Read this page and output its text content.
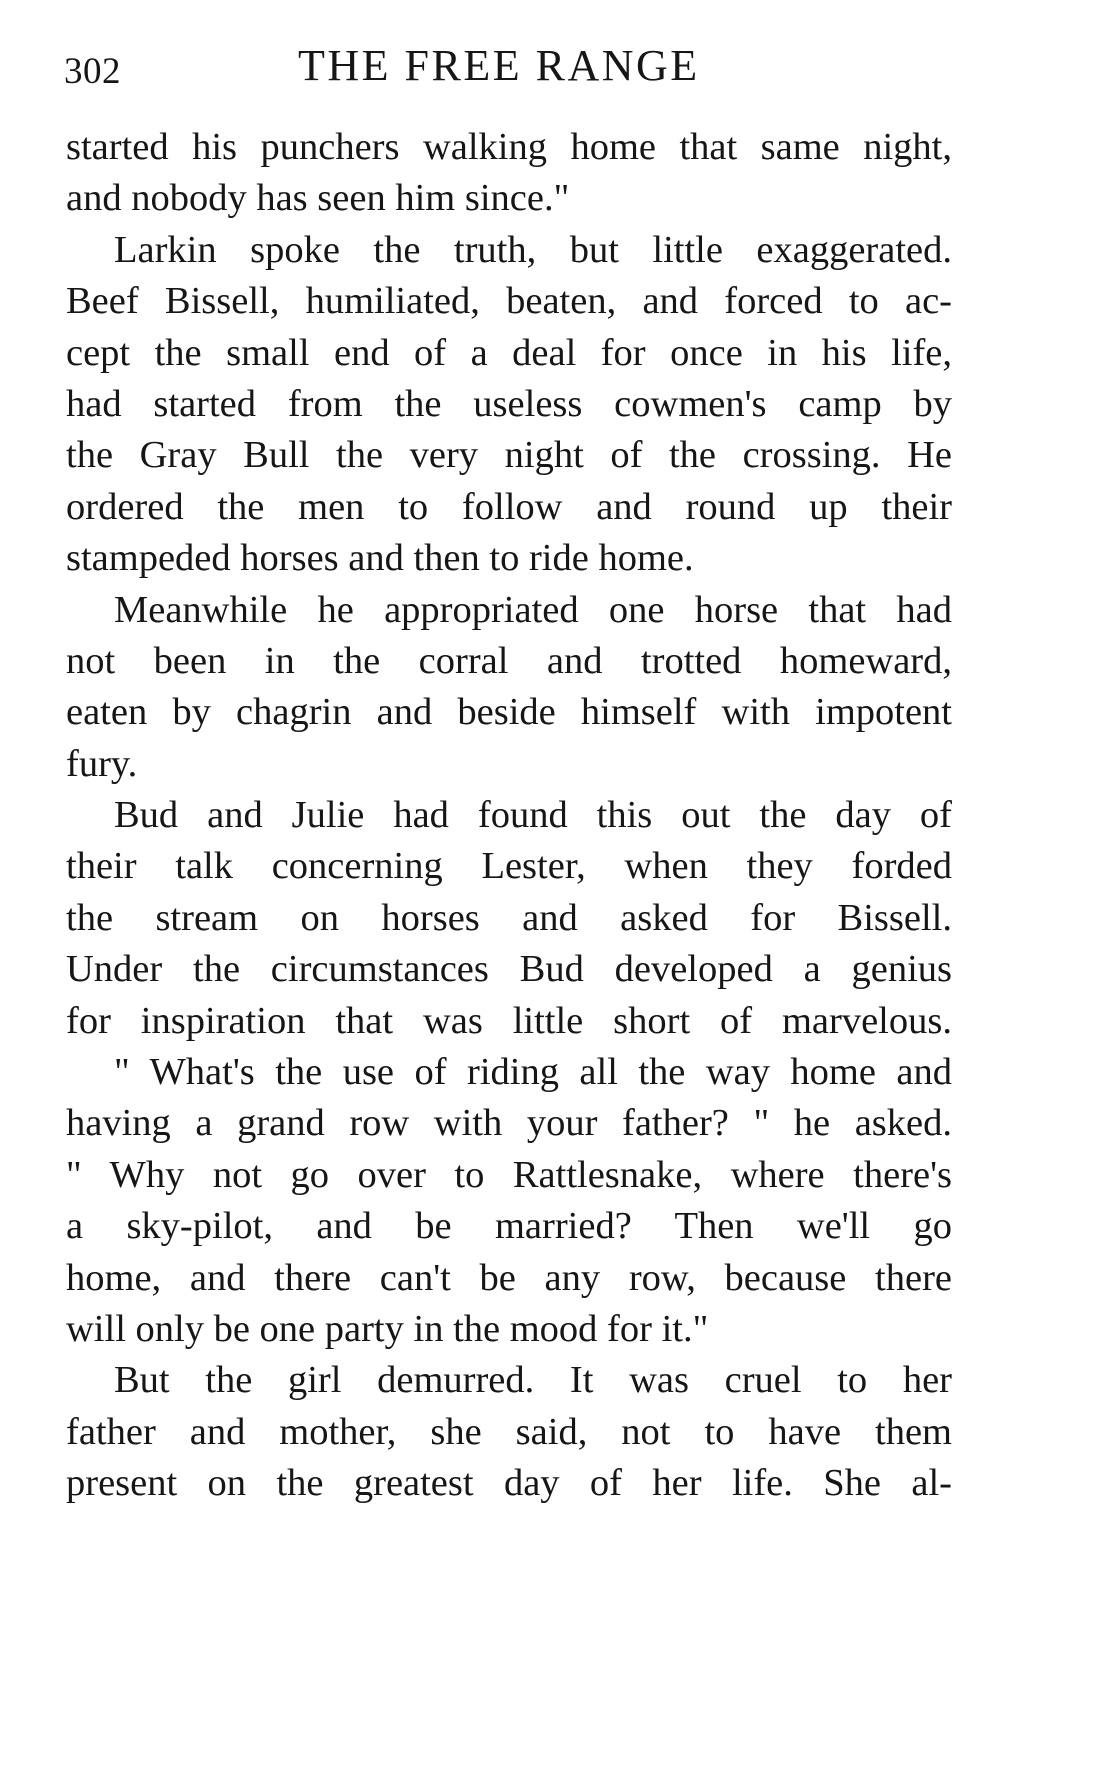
302	THE FREE RANGE
started his punchers walking home that same night,
and nobody has seen him since."
Larkin spoke the truth, but little exaggerated.
Beef Bissell, humiliated, beaten, and forced to ac-
cept the small end of a deal for once in his life,
had started from the useless cowmen's camp by
the Gray Bull the very night of the crossing. He
ordered the men to follow and round up their
stampeded horses and then to ride home.
Meanwhile he appropriated one horse that had
not been in the corral and trotted homeward,
eaten by chagrin and beside himself with impotent
fury.
Bud and Julie had found this out the day of
their talk concerning Lester, when they forded
the stream on horses and asked for Bissell.
Under the circumstances Bud developed a genius
for inspiration that was little short of marvelous.
" What's the use of riding all the way home and
having a grand row with your father? " he asked.
" Why not go over to Rattlesnake, where there's
a sky-pilot, and be married? Then we'll go
home, and there can't be any row, because there
will only be one party in the mood for it."
But the girl demurred. It was cruel to her
father and mother, she said, not to have them
present on the greatest day of her life. She al-
